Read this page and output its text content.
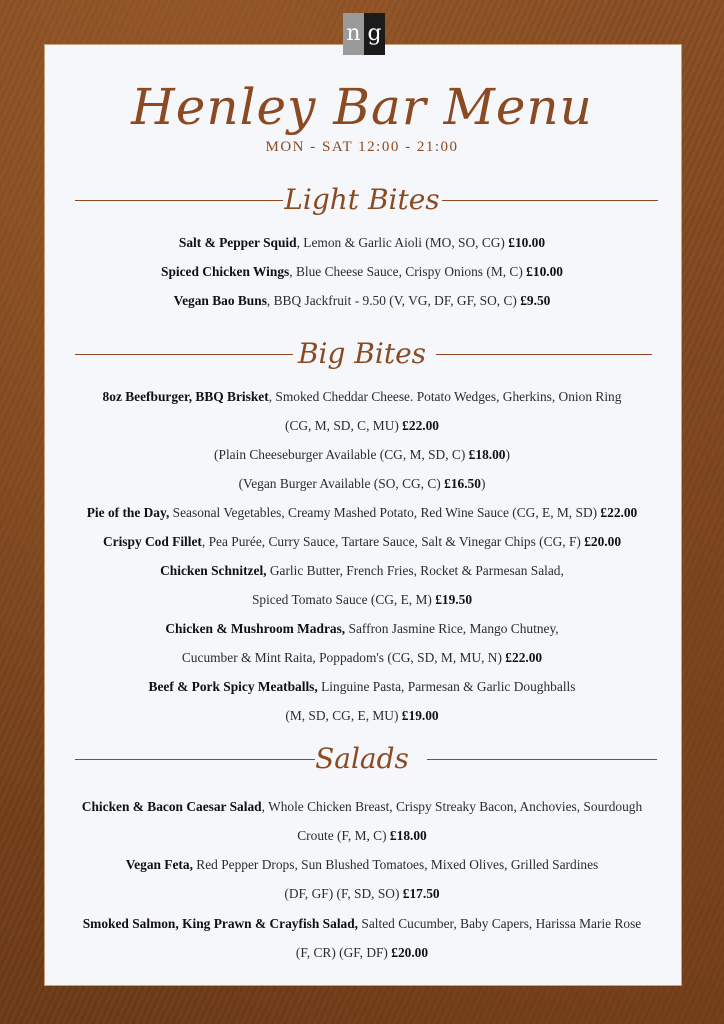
n g
Henley Bar Menu
MON - SAT 12:00 - 21:00
Light Bites
Salt & Pepper Squid, Lemon & Garlic Aioli (MO, SO, CG) £10.00
Spiced Chicken Wings, Blue Cheese Sauce, Crispy Onions (M, C) £10.00
Vegan Bao Buns, BBQ Jackfruit - 9.50 (V, VG, DF, GF, SO, C) £9.50
Big Bites
8oz Beefburger, BBQ Brisket, Smoked Cheddar Cheese. Potato Wedges, Gherkins, Onion Ring
(CG, M, SD, C, MU) £22.00
(Plain Cheeseburger Available (CG, M, SD, C) £18.00)
(Vegan Burger Available (SO, CG, C) £16.50)
Pie of the Day, Seasonal Vegetables, Creamy Mashed Potato, Red Wine Sauce (CG, E, M, SD) £22.00
Crispy Cod Fillet, Pea Purée, Curry Sauce, Tartare Sauce, Salt & Vinegar Chips (CG, F) £20.00
Chicken Schnitzel, Garlic Butter, French Fries, Rocket & Parmesan Salad,
Spiced Tomato Sauce (CG, E, M) £19.50
Chicken & Mushroom Madras, Saffron Jasmine Rice, Mango Chutney,
Cucumber & Mint Raita, Poppadom's (CG, SD, M, MU, N) £22.00
Beef & Pork Spicy Meatballs, Linguine Pasta, Parmesan & Garlic Doughballs
(M, SD, CG, E, MU) £19.00
Salads
Chicken & Bacon Caesar Salad, Whole Chicken Breast, Crispy Streaky Bacon, Anchovies, Sourdough
Croute (F, M, C) £18.00
Vegan Feta, Red Pepper Drops, Sun Blushed Tomatoes, Mixed Olives, Grilled Sardines
(DF, GF) (F, SD, SO) £17.50
Smoked Salmon, King Prawn & Crayfish Salad, Salted Cucumber, Baby Capers, Harissa Marie Rose
(F, CR) (GF, DF) £20.00
